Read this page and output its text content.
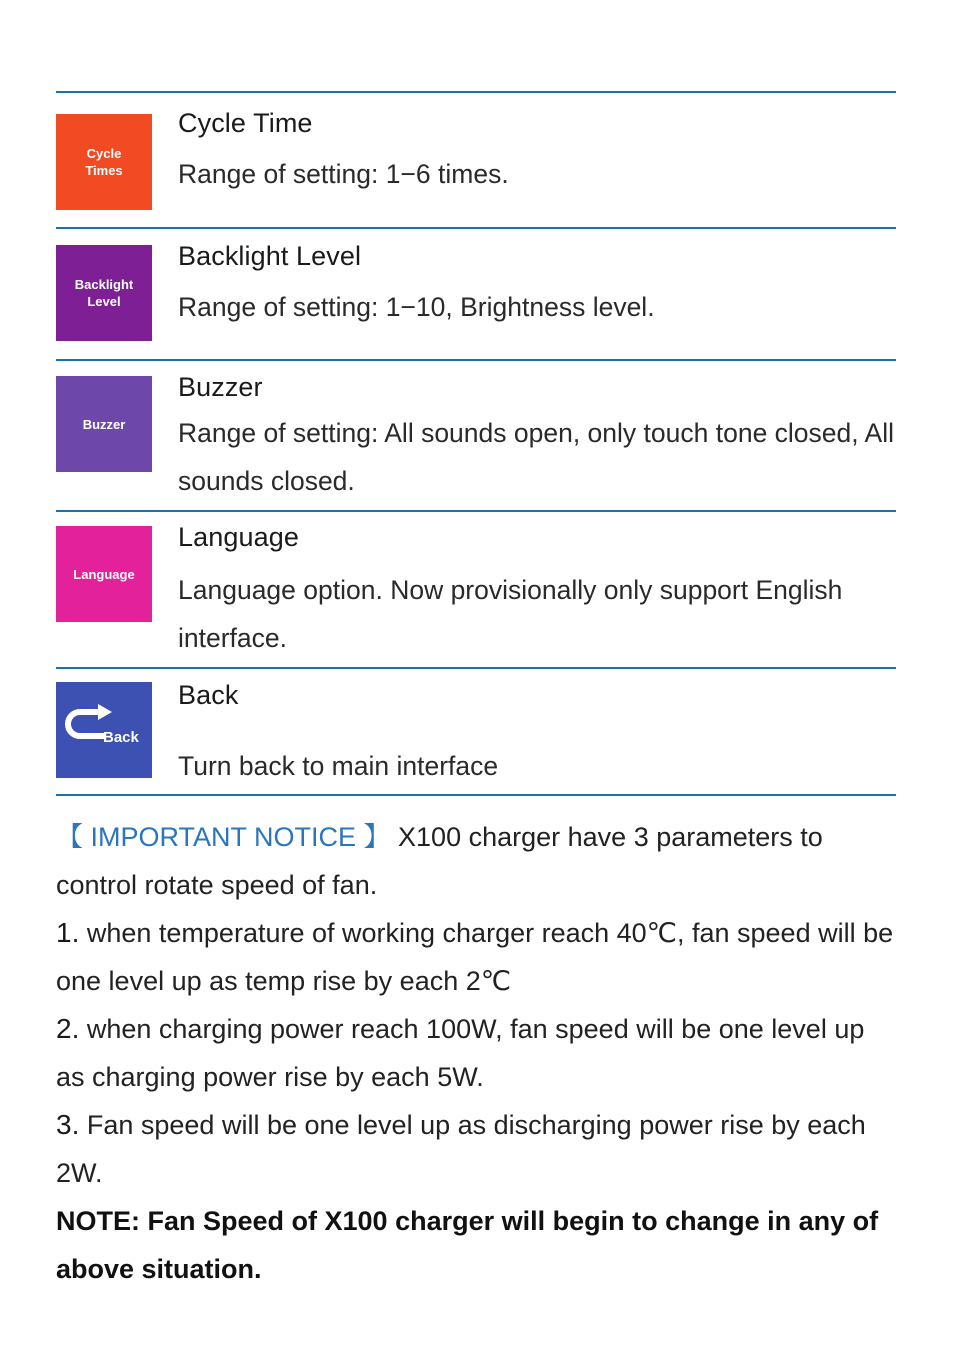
Cycle
Times
Cycle Time
Range of setting: 1−6 times.
Backlight
Level
Backlight Level
Range of setting: 1−10, Brightness level.
Buzzer
Buzzer
Range of setting: All sounds open, only touch tone closed, All sounds closed.
Language
Language
Language option. Now provisionally only support English interface.
Back
Back
Turn back to main interface

【 IMPORTANT NOTICE 】 X100 charger have 3 parameters to control rotate speed of fan.

1. when temperature of working charger reach 40℃, fan speed will be one level up as temp rise by each 2℃

2. when charging power reach 100W, fan speed will be one level up as charging power rise by each 5W.

3. Fan speed will be one level up as discharging power rise by each 2W.

NOTE: Fan Speed of X100 charger will begin to change in any of above situation.
